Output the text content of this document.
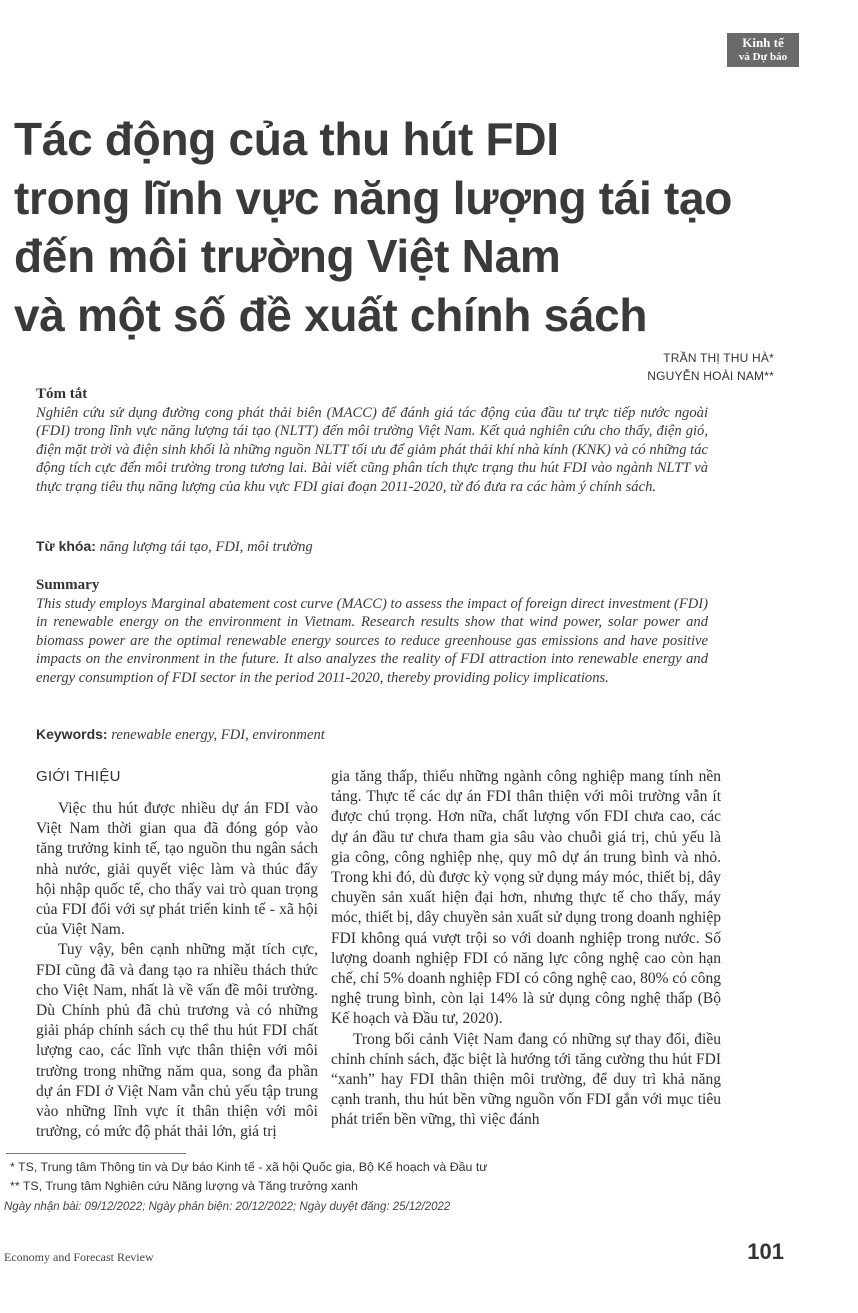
Kinh tế
và Dự báo
Tác động của thu hút FDI
trong lĩnh vực năng lượng tái tạo
đến môi trường Việt Nam
và một số đề xuất chính sách
TRẦN THỊ THU HÀ*
NGUYỄN HOÀI NAM**
Tóm tắt
Nghiên cứu sử dụng đường cong phát thải biên (MACC) để đánh giá tác động của đầu tư trực tiếp nước ngoài (FDI) trong lĩnh vực năng lượng tái tạo (NLTT) đến môi trường Việt Nam. Kết quả nghiên cứu cho thấy, điện gió, điện mặt trời và điện sinh khối là những nguồn NLTT tối ưu để giảm phát thải khí nhà kính (KNK) và có những tác động tích cực đến môi trường trong tương lai. Bài viết cũng phân tích thực trạng thu hút FDI vào ngành NLTT và thực trạng tiêu thụ năng lượng của khu vực FDI giai đoạn 2011-2020, từ đó đưa ra các hàm ý chính sách.
Từ khóa: năng lượng tái tạo, FDI, môi trường
Summary
This study employs Marginal abatement cost curve (MACC) to assess the impact of foreign direct investment (FDI) in renewable energy on the environment in Vietnam. Research results show that wind power, solar power and biomass power are the optimal renewable energy sources to reduce greenhouse gas emissions and have positive impacts on the environment in the future. It also analyzes the reality of FDI attraction into renewable energy and energy consumption of FDI sector in the period 2011-2020, thereby providing policy implications.
Keywords: renewable energy, FDI, environment
GIỚI THIỆU

Việc thu hút được nhiều dự án FDI vào Việt Nam thời gian qua đã đóng góp vào tăng trưởng kinh tế, tạo nguồn thu ngân sách nhà nước, giải quyết việc làm và thúc đẩy hội nhập quốc tế, cho thấy vai trò quan trọng của FDI đối với sự phát triển kinh tế - xã hội của Việt Nam.

Tuy vậy, bên cạnh những mặt tích cực, FDI cũng đã và đang tạo ra nhiều thách thức cho Việt Nam, nhất là về vấn đề môi trường. Dù Chính phủ đã chủ trương và có những giải pháp chính sách cụ thể thu hút FDI chất lượng cao, các lĩnh vực thân thiện với môi trường trong những năm qua, song đa phần dự án FDI ở Việt Nam vẫn chủ yếu tập trung vào những lĩnh vực ít thân thiện với môi trường, có mức độ phát thải lớn, giá trị

gia tăng thấp, thiếu những ngành công nghiệp mang tính nền tảng. Thực tế các dự án FDI thân thiện với môi trường vẫn ít được chú trọng. Hơn nữa, chất lượng vốn FDI chưa cao, các dự án đầu tư chưa tham gia sâu vào chuỗi giá trị, chủ yếu là gia công, công nghiệp nhẹ, quy mô dự án trung bình và nhỏ. Trong khi đó, dù được kỳ vọng sử dụng máy móc, thiết bị, dây chuyền sản xuất hiện đại hơn, nhưng thực tế cho thấy, máy móc, thiết bị, dây chuyền sản xuất sử dụng trong doanh nghiệp FDI không quá vượt trội so với doanh nghiệp trong nước. Số lượng doanh nghiệp FDI có năng lực công nghệ cao còn hạn chế, chỉ 5% doanh nghiệp FDI có công nghệ cao, 80% có công nghệ trung bình, còn lại 14% là sử dụng công nghệ thấp (Bộ Kế hoạch và Đầu tư, 2020).

Trong bối cảnh Việt Nam đang có những sự thay đổi, điều chỉnh chính sách, đặc biệt là hướng tới tăng cường thu hút FDI “xanh” hay FDI thân thiện môi trường, để duy trì khả năng cạnh tranh, thu hút bền vững nguồn vốn FDI gắn với mục tiêu phát triển bền vững, thì việc đánh

* TS, Trung tâm Thông tin và Dự báo Kinh tế - xã hội Quốc gia, Bộ Kế hoạch và Đầu tư
** TS, Trung tâm Nghiên cứu Năng lượng và Tăng trưởng xanh
Ngày nhận bài: 09/12/2022; Ngày phản biện: 20/12/2022; Ngày duyệt đăng: 25/12/2022
Economy and Forecast Review	101
